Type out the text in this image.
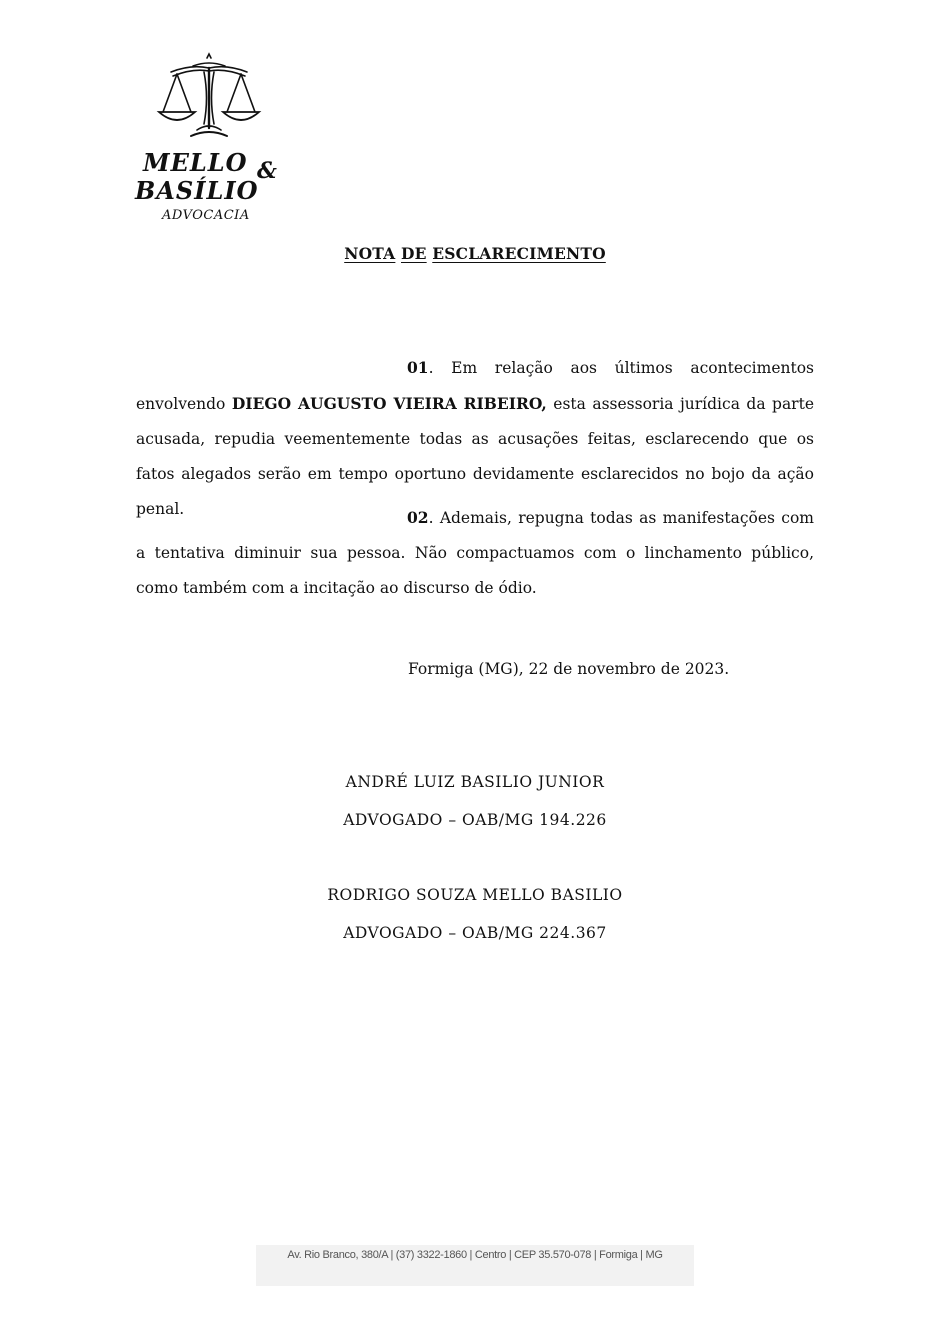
MELLO &
BASÍLIO
ADVOCACIA
NOTA DE ESCLARECIMENTO

01. Em relação aos últimos acontecimentos envolvendo DIEGO AUGUSTO VIEIRA RIBEIRO, esta assessoria jurídica da parte acusada, repudia veementemente todas as acusações feitas, esclarecendo que os fatos alegados serão em tempo oportuno devidamente esclarecidos no bojo da ação penal.	02. Ademais, repugna todas as manifestações com a tentativa diminuir sua pessoa. Não compactuamos com o linchamento público, como também com a incitação ao discurso de ódio.

Formiga (MG), 22 de novembro de 2023.
ANDRÉ LUIZ BASILIO JUNIOR
ADVOGADO – OAB/MG 194.226
RODRIGO SOUZA MELLO BASILIO
ADVOGADO – OAB/MG 224.367
Av. Rio Branco, 380/A | (37) 3322-1860 | Centro | CEP 35.570-078 | Formiga | MG
